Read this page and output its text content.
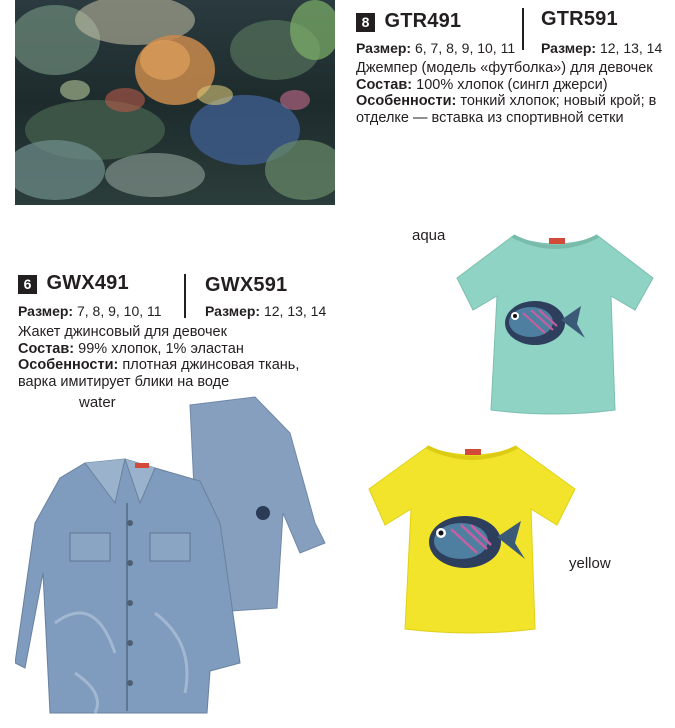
8 GTR491	GTR591
Размер: 6, 7, 8, 9, 10, 11 Размер: 12, 13, 14
Джемпер (модель «футболка») для девочек
Состав: 100% хлопок (сингл джерси)
Особенности: тонкий хлопок; новый крой; в отделке — вставка из спортивной сетки
6 GWX491	GWX591
Размер: 7, 8, 9, 10, 11	Размер: 12, 13, 14
Жакет джинсовый для девочек
Состав: 99% хлопок, 1% эластан
Особенности: плотная джинсовая ткань, варка имитирует блики на воде
water
aqua
yellow
